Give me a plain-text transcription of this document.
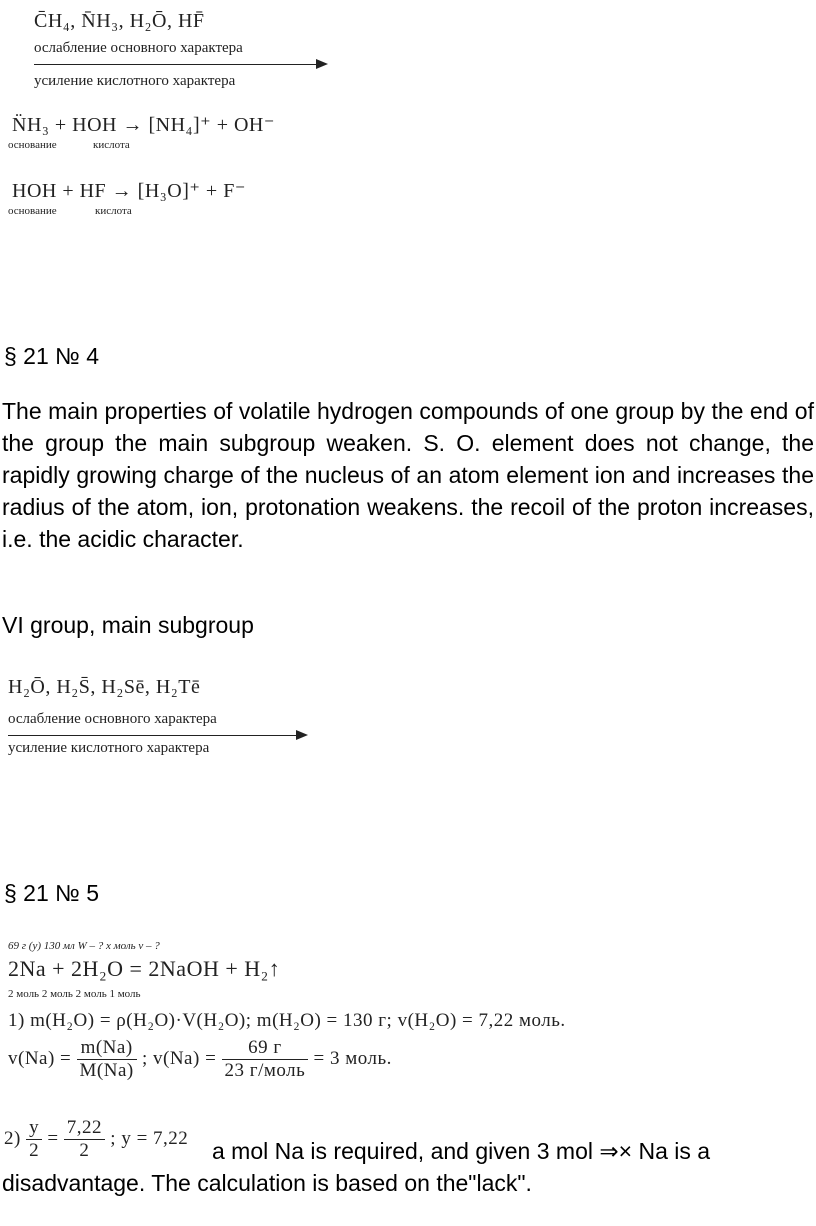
C̄H₄, N̄H₃, H₂Ō, HF̄
ослабление основного характера
усиление кислотного характера
N̈H₃ + HOH → [NH₄]⁺ + OH⁻
основание	кислота
HOH + HF → [H₃O]⁺ + F⁻
основание	кислота
§ 21 № 4
The main properties of volatile hydrogen compounds of one group by the end of the group the main subgroup weaken. S. O. element does not change, the rapidly growing charge of the nucleus of an atom element ion and increases the radius of the atom, ion, protonation weakens. the recoil of the proton increases, i.e. the acidic character.
VI group, main subgroup
H₂Ō, H₂S̄, H₂Sē, H₂Tē
ослабление основного характера
усиление кислотного характера
§ 21 № 5
69 г (y) 130 мл W – ? x моль v – ?
2Na + 2H₂O = 2NaOH + H₂↑
2 моль 2 моль 2 моль 1 моль
1) m(H₂O) = ρ(H₂O)·V(H₂O); m(H₂O) = 130 г; v(H₂O) = 7,22 моль.
$v(Na) = \frac{m(Na)}{M(Na)}$ ; $v(Na) = \frac{69 г}{\text{23 г/моль}} = 3$ моль.
$2) \frac{y}{2} = \frac{7,22}{2}$ ; y = 7,22 a mol Na is required, and given 3 mol ⇒× Na is a
disadvantage. The calculation is based on the"lack".
